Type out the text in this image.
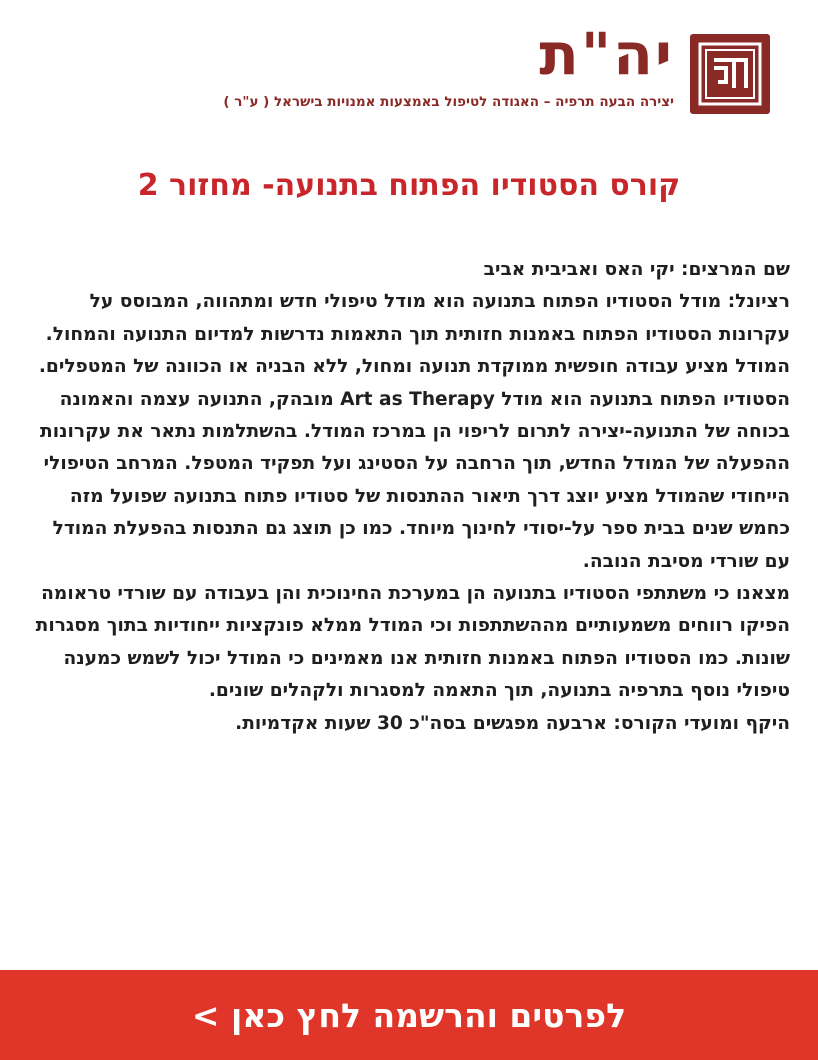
יה"ת
יצירה הבעה תרפיה – האגודה לטיפול באמצעות אמנויות בישראל ( ע"ר )
קורס הסטודיו הפתוח בתנועה- מחזור 2

שם המרצים: יקי האס ואביבית אביב

רציונל: מודל הסטודיו הפתוח בתנועה הוא מודל טיפולי חדש ומתהווה, המבוסס על עקרונות הסטודיו הפתוח באמנות חזותית תוך התאמות נדרשות למדיום התנועה והמחול. המודל מציע עבודה חופשית ממוקדת תנועה ומחול, ללא הבניה או הכוונה של המטפלים. הסטודיו הפתוח בתנועה הוא מודל Art as Therapy מובהק, התנועה עצמה והאמונה בכוחה של התנועה-יצירה לתרום לריפוי הן במרכז המודל. בהשתלמות נתאר את עקרונות ההפעלה של המודל החדש, תוך הרחבה על הסטינג ועל תפקיד המטפל. המרחב הטיפולי הייחודי שהמודל מציע יוצג דרך תיאור ההתנסות של סטודיו פתוח בתנועה שפועל מזה כחמש שנים בבית ספר על-יסודי לחינוך מיוחד. כמו כן תוצג גם התנסות בהפעלת המודל עם שורדי מסיבת הנובה.

מצאנו כי משתתפי הסטודיו בתנועה הן במערכת החינוכית והן בעבודה עם שורדי טראומה הפיקו רווחים משמעותיים מההשתתפות וכי המודל ממלא פונקציות ייחודיות בתוך מסגרות שונות. כמו הסטודיו הפתוח באמנות חזותית אנו מאמינים כי המודל יכול לשמש כמענה טיפולי נוסף בתרפיה בתנועה, תוך התאמה למסגרות ולקהלים שונים.

היקף ומועדי הקורס: ארבעה מפגשים בסה"כ 30 שעות אקדמיות.

לפרטים והרשמה לחץ כאן >
